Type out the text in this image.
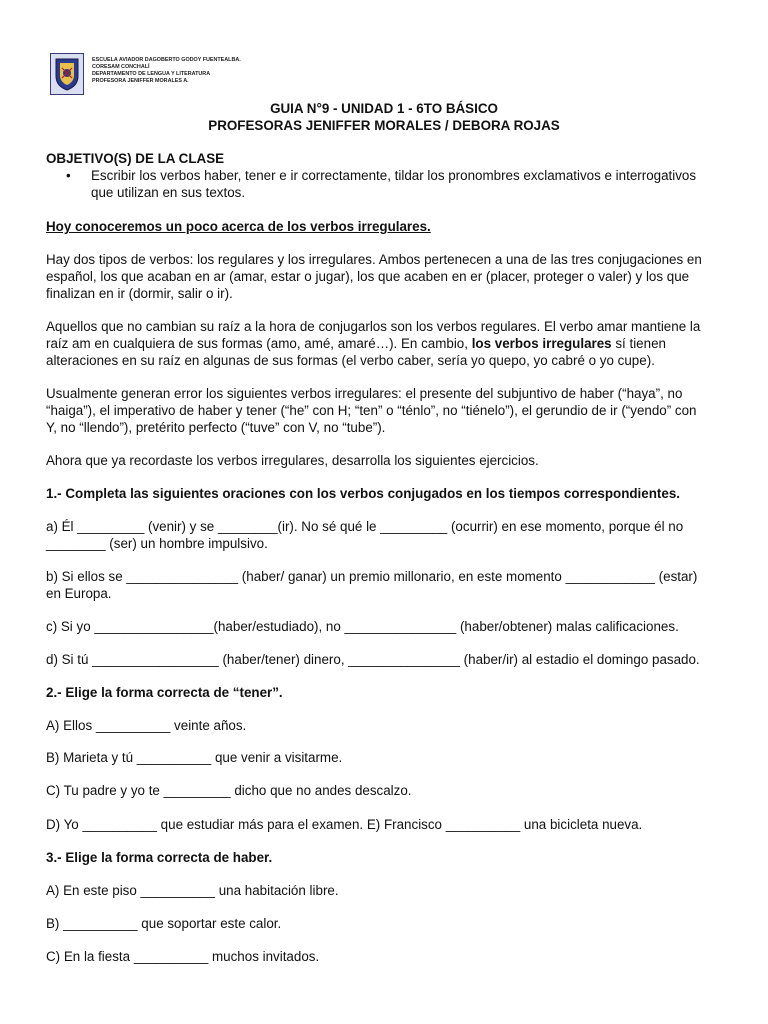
ESCUELA AVIADOR DAGOBERTO GODOY FUENTEALBA.
CORESAM CONCHALÍ
DEPARTAMENTO DE LENGUA Y LITERATURA
PROFESORA JENIFFER MORALES A.
GUIA N°9 - UNIDAD 1 - 6TO BÁSICO
PROFESORAS JENIFFER MORALES / DEBORA ROJAS
OBJETIVO(S) DE LA CLASE
• Escribir los verbos haber, tener e ir correctamente, tildar los pronombres exclamativos e interrogativos
que utilizan en sus textos.
Hoy conoceremos un poco acerca de los verbos irregulares.
Hay dos tipos de verbos: los regulares y los irregulares. Ambos pertenecen a una de las tres conjugaciones en
español, los que acaban en ar (amar, estar o jugar), los que acaben en er (placer, proteger o valer) y los que
finalizan en ir (dormir, salir o ir).
Aquellos que no cambian su raíz a la hora de conjugarlos son los verbos regulares. El verbo amar mantiene la
raíz am en cualquiera de sus formas (amo, amé, amaré…). En cambio, los verbos irregulares sí tienen
alteraciones en su raíz en algunas de sus formas (el verbo caber, sería yo quepo, yo cabré o yo cupe).
Usualmente generan error los siguientes verbos irregulares: el presente del subjuntivo de haber (“haya”, no
“haiga”), el imperativo de haber y tener (“he” con H; “ten” o “ténlo”, no “tiénelo”), el gerundio de ir (“yendo” con
Y, no “llendo”), pretérito perfecto (“tuve” con V, no “tube”).
Ahora que ya recordaste los verbos irregulares, desarrolla los siguientes ejercicios.
1.- Completa las siguientes oraciones con los verbos conjugados en los tiempos correspondientes.
a) Él _________ (venir) y se ________(ir). No sé qué le _________ (ocurrir) en ese momento, porque él no
________ (ser) un hombre impulsivo.
b) Si ellos se _______________ (haber/ ganar) un premio millonario, en este momento ____________ (estar)
en Europa.
c) Si yo ________________(haber/estudiado), no _______________ (haber/obtener) malas calificaciones.
d) Si tú _________________ (haber/tener) dinero, _______________ (haber/ir) al estadio el domingo pasado.
2.- Elige la forma correcta de “tener”.
A) Ellos __________ veinte años.
B) Marieta y tú __________ que venir a visitarme.
C) Tu padre y yo te _________ dicho que no andes descalzo.
D) Yo __________ que estudiar más para el examen. E) Francisco __________ una bicicleta nueva.
3.- Elige la forma correcta de haber.
A) En este piso __________ una habitación libre.
B) __________ que soportar este calor.
C) En la fiesta __________ muchos invitados.
